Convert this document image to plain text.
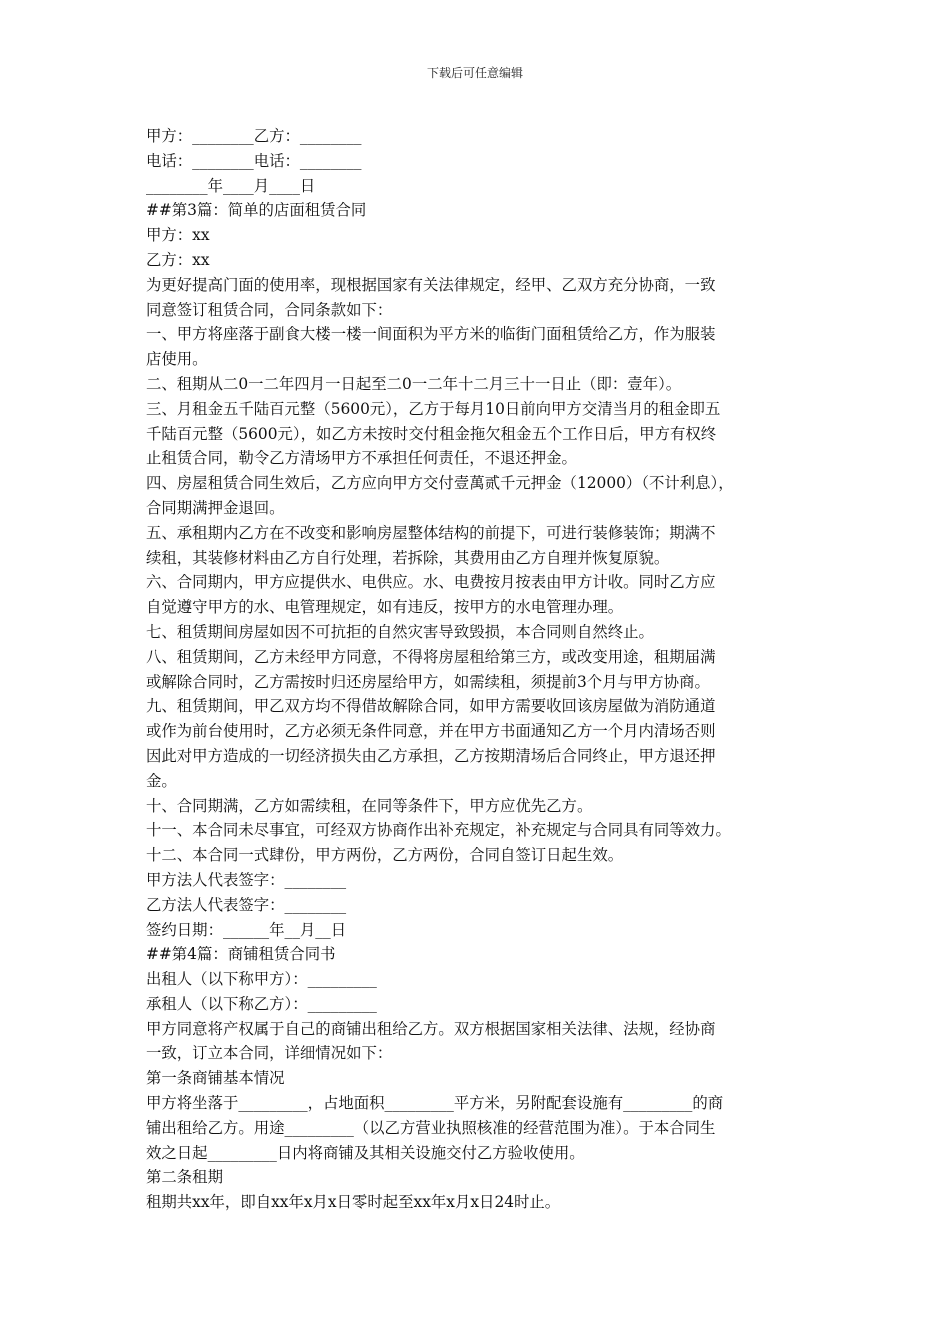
下载后可任意编辑
甲方：________乙方：________
电话：________电话：________
________年____月____日
##第3篇：简单的店面租赁合同
甲方：xx
乙方：xx
为更好提高门面的使用率，现根据国家有关法律规定，经甲、乙双方充分协商，一致
同意签订租赁合同，合同条款如下：
一、甲方将座落于副食大楼一楼一间面积为平方米的临街门面租赁给乙方，作为服装
店使用。
二、租期从二0一二年四月一日起至二0一二年十二月三十一日止（即：壹年）。
三、月租金五千陆百元整（5600元），乙方于每月10日前向甲方交清当月的租金即五
千陆百元整（5600元），如乙方未按时交付租金拖欠租金五个工作日后，甲方有权终
止租赁合同，勒令乙方清场甲方不承担任何责任，不退还押金。
四、房屋租赁合同生效后，乙方应向甲方交付壹萬贰千元押金（12000）（不计利息），
合同期满押金退回。
五、承租期内乙方在不改变和影响房屋整体结构的前提下，可进行装修装饰；期满不
续租，其装修材料由乙方自行处理，若拆除，其费用由乙方自理并恢复原貌。
六、合同期内，甲方应提供水、电供应。水、电费按月按表由甲方计收。同时乙方应
自觉遵守甲方的水、电管理规定，如有违反，按甲方的水电管理办理。
七、租赁期间房屋如因不可抗拒的自然灾害导致毁损，本合同则自然终止。
八、租赁期间，乙方未经甲方同意，不得将房屋租给第三方，或改变用途，租期届满
或解除合同时，乙方需按时归还房屋给甲方，如需续租，须提前3个月与甲方协商。
九、租赁期间，甲乙双方均不得借故解除合同，如甲方需要收回该房屋做为消防通道
或作为前台使用时，乙方必须无条件同意，并在甲方书面通知乙方一个月内清场否则
因此对甲方造成的一切经济损失由乙方承担，乙方按期清场后合同终止，甲方退还押
金。
十、合同期满，乙方如需续租，在同等条件下，甲方应优先乙方。
十一、本合同未尽事宜，可经双方协商作出补充规定，补充规定与合同具有同等效力。
十二、本合同一式肆份，甲方两份，乙方两份，合同自签订日起生效。
甲方法人代表签字：________
乙方法人代表签字：________
签约日期：______年__月__日
##第4篇：商铺租赁合同书
出租人（以下称甲方）：_________
承租人（以下称乙方）：_________
甲方同意将产权属于自己的商铺出租给乙方。双方根据国家相关法律、法规，经协商
一致，订立本合同，详细情况如下：
第一条商铺基本情况
甲方将坐落于_________，占地面积_________平方米，另附配套设施有_________的商
铺出租给乙方。用途_________（以乙方营业执照核准的经营范围为准）。于本合同生
效之日起_________日内将商铺及其相关设施交付乙方验收使用。
第二条租期
租期共xx年，即自xx年x月x日零时起至xx年x月x日24时止。
